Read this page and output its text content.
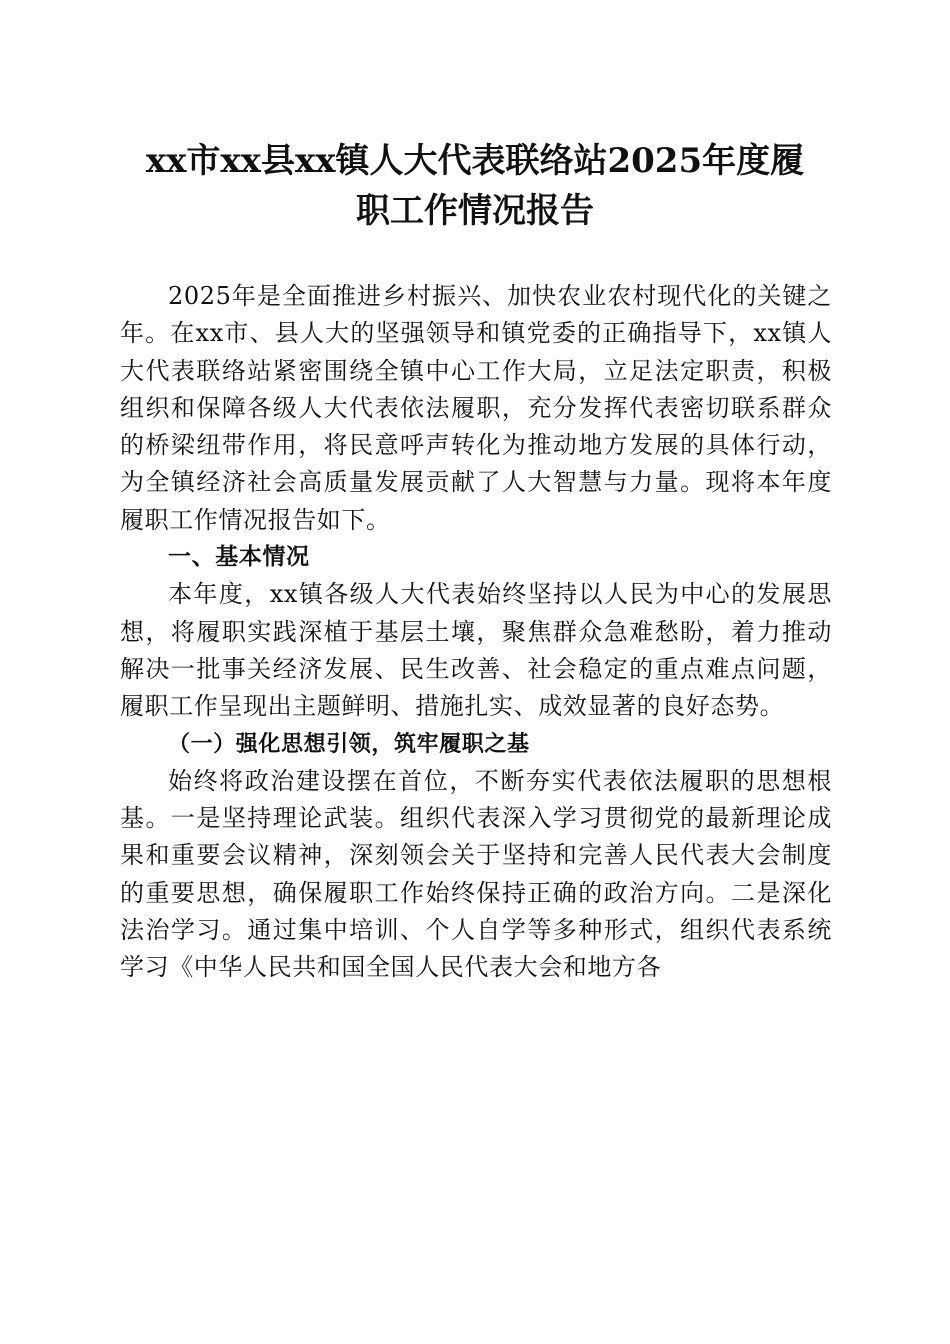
xx市xx县xx镇人大代表联络站2025年度履
职工作情况报告

2025年是全面推进乡村振兴、加快农业农村现代化的关键之年。在xx市、县人大的坚强领导和镇党委的正确指导下，xx镇人大代表联络站紧密围绕全镇中心工作大局，立足法定职责，积极组织和保障各级人大代表依法履职，充分发挥代表密切联系群众的桥梁纽带作用，将民意呼声转化为推动地方发展的具体行动，为全镇经济社会高质量发展贡献了人大智慧与力量。现将本年度履职工作情况报告如下。

一、基本情况

本年度，xx镇各级人大代表始终坚持以人民为中心的发展思想，将履职实践深植于基层土壤，聚焦群众急难愁盼，着力推动解决一批事关经济发展、民生改善、社会稳定的重点难点问题，履职工作呈现出主题鲜明、措施扎实、成效显著的良好态势。

（一）强化思想引领，筑牢履职之基

始终将政治建设摆在首位，不断夯实代表依法履职的思想根基。一是坚持理论武装。组织代表深入学习贯彻党的最新理论成果和重要会议精神，深刻领会关于坚持和完善人民代表大会制度的重要思想，确保履职工作始终保持正确的政治方向。二是深化法治学习。通过集中培训、个人自学等多种形式，组织代表系统学习《中华人民共和国全国人民代表大会和地方各
